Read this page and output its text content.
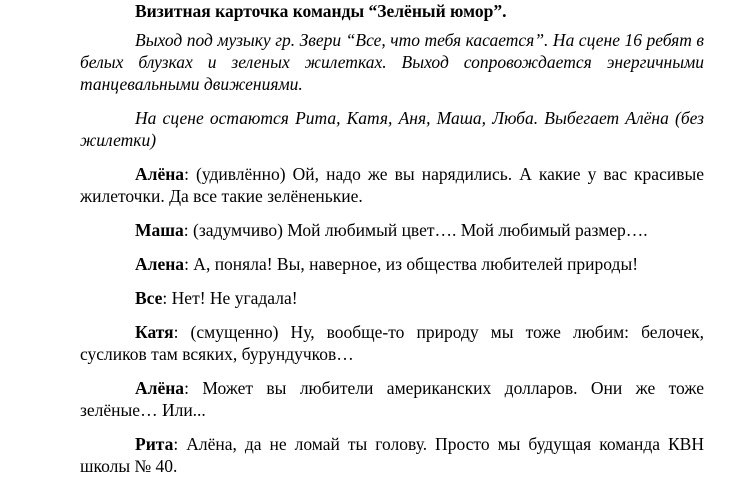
Визитная карточка команды “Зелёный юмор”.

Выход под музыку гр. Звери “Все, что тебя касается”. На сцене 16 ребят в белых блузках и зеленых жилетках. Выход сопровождается энергичными танцевальными движениями.

На сцене остаются Рита, Катя, Аня, Маша, Люба. Выбегает Алёна (без жилетки)

Алёна: (удивлённо) Ой, надо же вы нарядились. А какие у вас красивые жилеточки. Да все такие зелёненькие.

Маша: (задумчиво) Мой любимый цвет…. Мой любимый размер….

Алена: А, поняла! Вы, наверное, из общества любителей природы!

Все: Нет! Не угадала!

Катя: (смущенно) Ну, вообще-то природу мы тоже любим: белочек, сусликов там всяких, бурундучков…

Алёна: Может вы любители американских долларов. Они же тоже зелёные… Или...

Рита: Алёна, да не ломай ты голову. Просто мы будущая команда КВН школы № 40.
